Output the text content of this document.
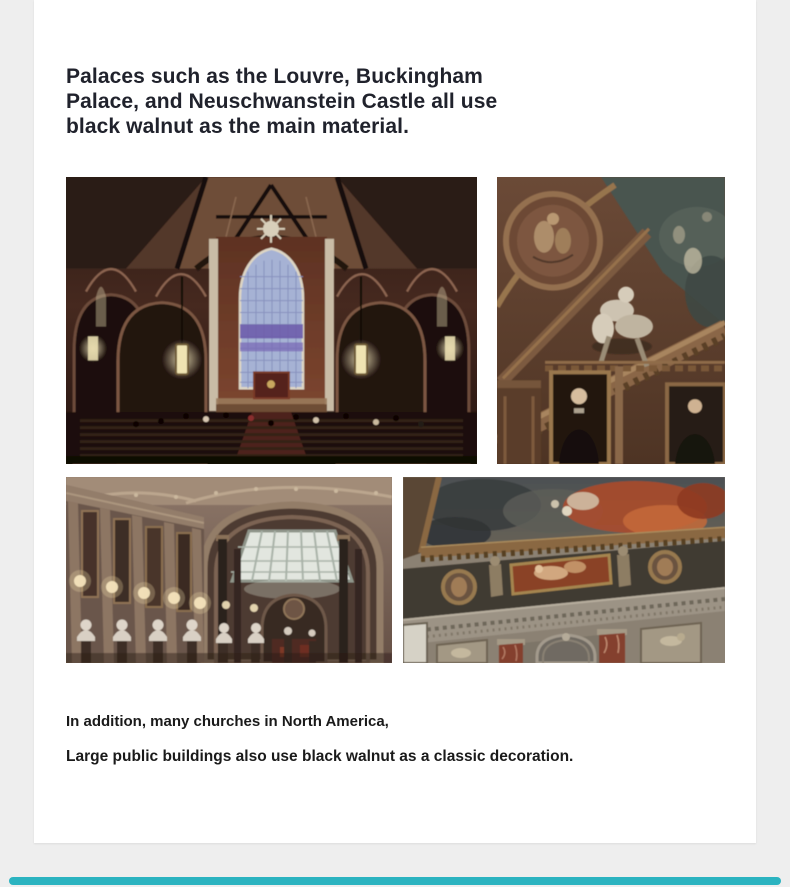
Palaces such as the Louvre, Buckingham
Palace, and Neuschwanstein Castle all use
black walnut as the main material.

In addition, many churches in North America,

Large public buildings also use black walnut as a classic decoration.
